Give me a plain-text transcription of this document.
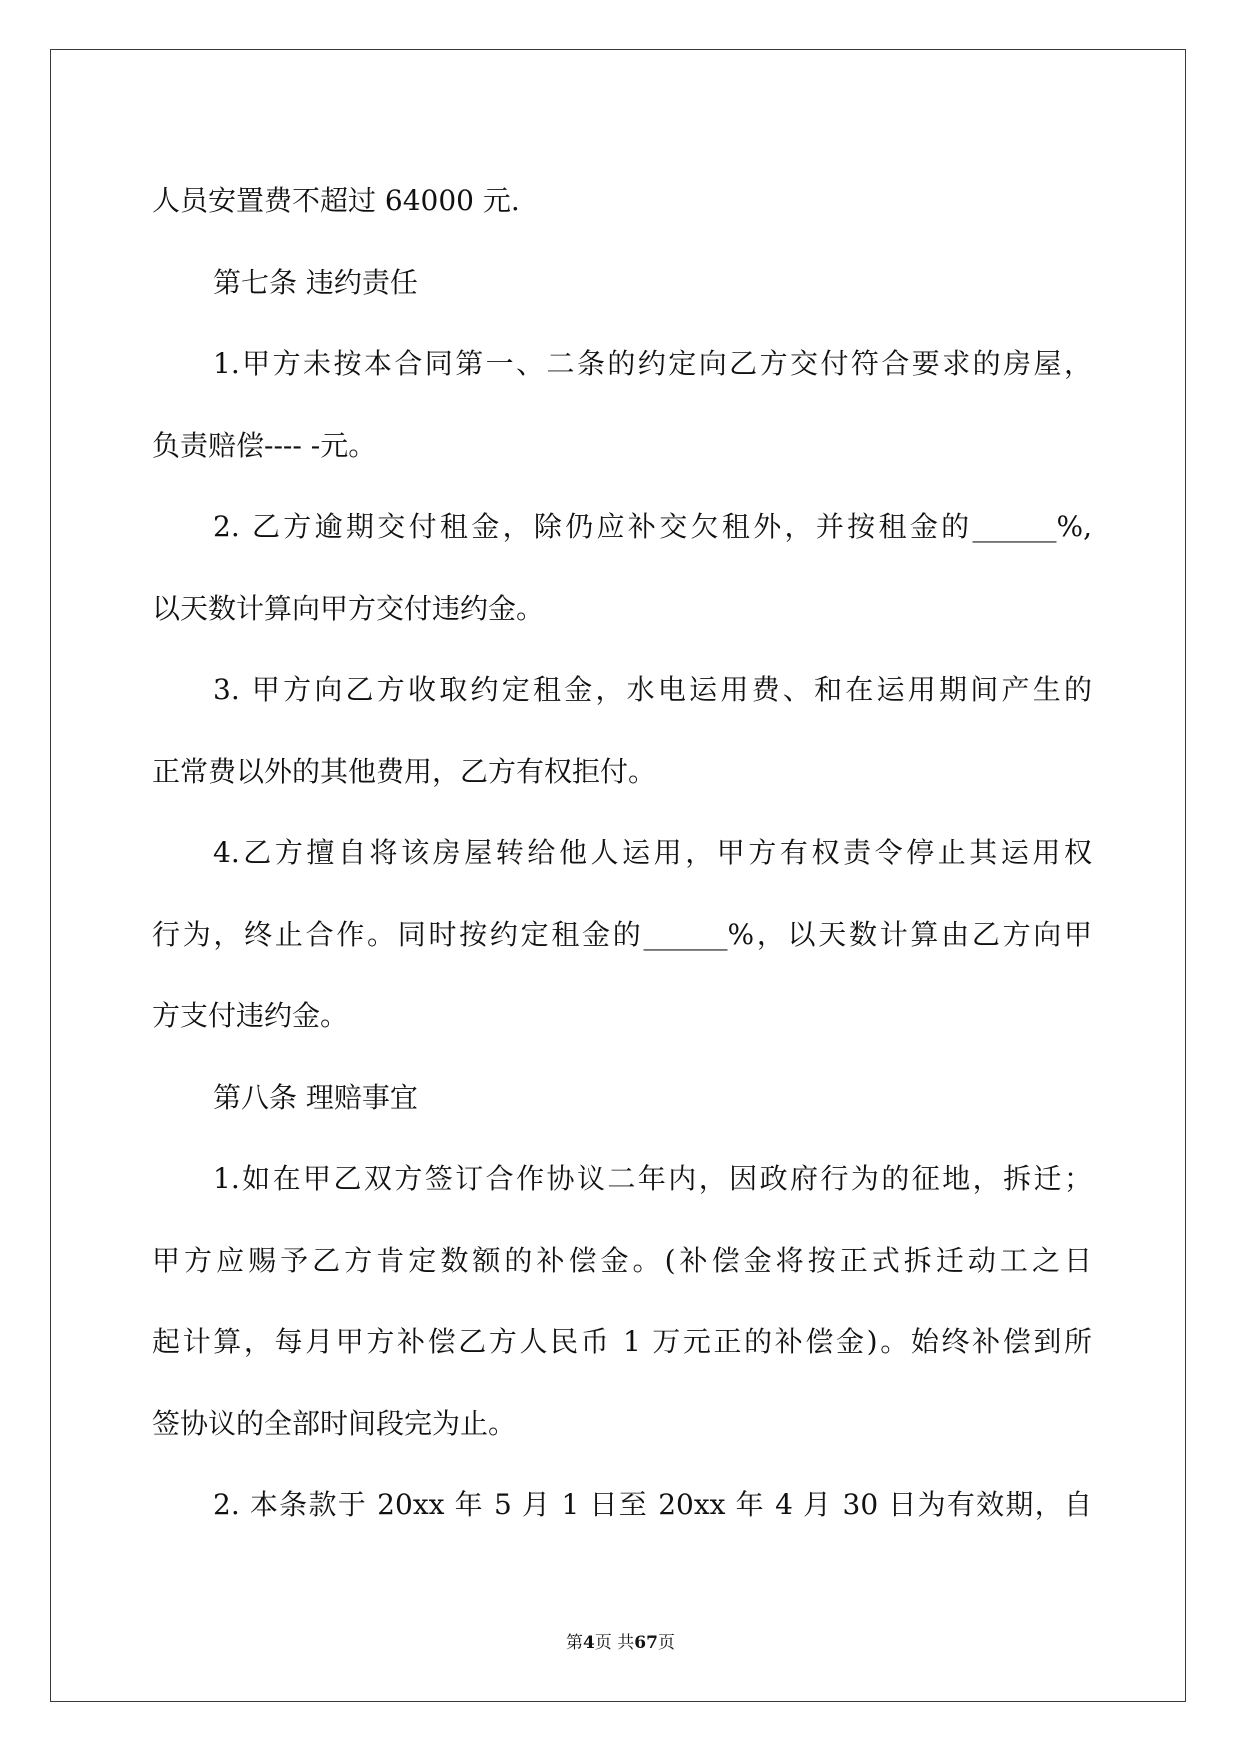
人员安置费不超过 64000 元.
第七条 违约责任
1.甲方未按本合同第一、二条的约定向乙方交付符合要求的房屋，
负责赔偿---- -元。
2. 乙方逾期交付租金，除仍应补交欠租外，并按租金的______%,
以天数计算向甲方交付违约金。
3. 甲方向乙方收取约定租金，水电运用费、和在运用期间产生的
正常费以外的其他费用，乙方有权拒付。
4.乙方擅自将该房屋转给他人运用，甲方有权责令停止其运用权
行为，终止合作。同时按约定租金的______%，以天数计算由乙方向甲
方支付违约金。
第八条 理赔事宜
1.如在甲乙双方签订合作协议二年内，因政府行为的征地，拆迁；
甲方应赐予乙方肯定数额的补偿金。(补偿金将按正式拆迁动工之日
起计算，每月甲方补偿乙方人民币 1 万元正的补偿金)。始终补偿到所
签协议的全部时间段完为止。
2. 本条款于 20xx 年 5 月 1 日至 20xx 年 4 月 30 日为有效期，自
第4页 共67页
